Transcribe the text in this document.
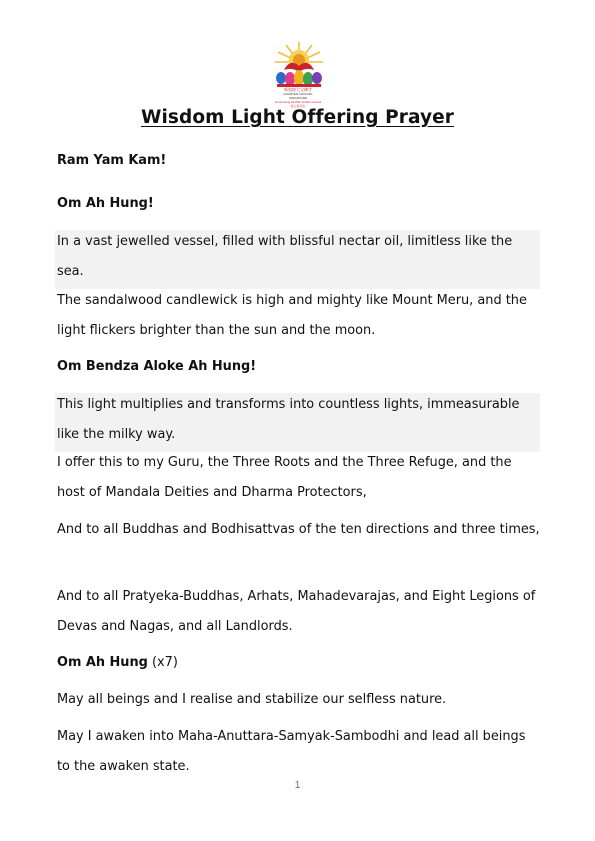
新加坡大宝佛寺
DHARTEN CHOLING
SINGAPORE
Connecting All With Golden Hearts
金心连众生
Wisdom Light Offering Prayer

Ram Yam Kam!

Om Ah Hung!

In a vast jewelled vessel, filled with blissful nectar oil, limitless like the sea.

The sandalwood candlewick is high and mighty like Mount Meru, and the light flickers brighter than the sun and the moon.

Om Bendza Aloke Ah Hung!

This light multiplies and transforms into countless lights, immeasurable like the milky way.

I offer this to my Guru, the Three Roots and the Three Refuge, and the host of Mandala Deities and Dharma Protectors,

And to all Buddhas and Bodhisattvas of the ten directions and three times,

And to all Pratyeka-Buddhas, Arhats, Mahadevarajas, and Eight Legions of Devas and Nagas, and all Landlords.

Om Ah Hung (x7)

May all beings and I realise and stabilize our selfless nature.

May I awaken into Maha-Anuttara-Samyak-Sambodhi and lead all beings to the awaken state.

1
